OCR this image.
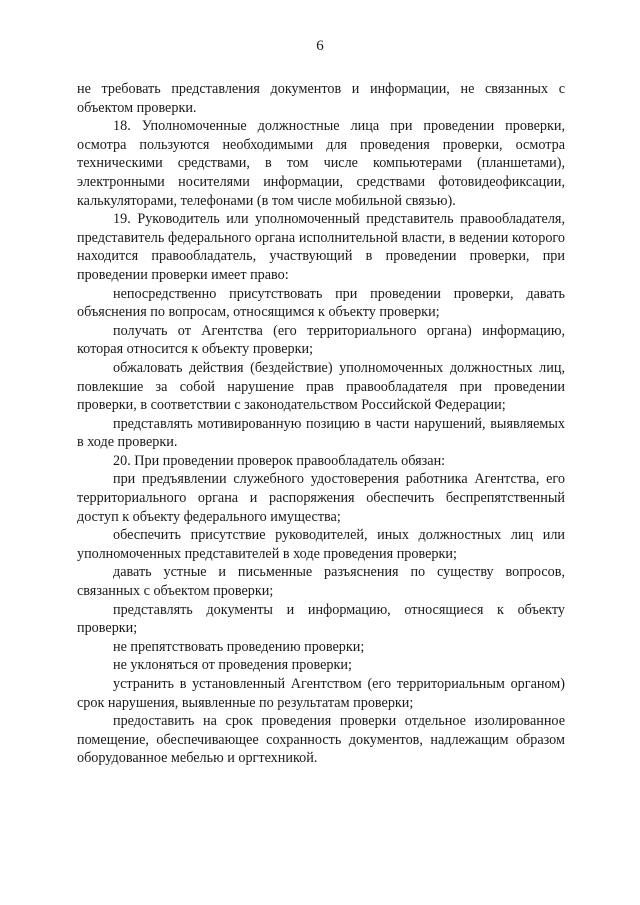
6

не требовать представления документов и информации, не связанных с объектом проверки.

18. Уполномоченные должностные лица при проведении проверки, осмотра пользуются необходимыми для проведения проверки, осмотра техническими средствами, в том числе компьютерами (планшетами), электронными носителями информации, средствами фотовидеофиксации, калькуляторами, телефонами (в том числе мобильной связью).

19. Руководитель или уполномоченный представитель правообладателя, представитель федерального органа исполнительной власти, в ведении которого находится правообладатель, участвующий в проведении проверки, при проведении проверки имеет право:

непосредственно присутствовать при проведении проверки, давать объяснения по вопросам, относящимся к объекту проверки;

получать от Агентства (его территориального органа) информацию, которая относится к объекту проверки;

обжаловать действия (бездействие) уполномоченных должностных лиц, повлекшие за собой нарушение прав правообладателя при проведении проверки, в соответствии с законодательством Российской Федерации;

представлять мотивированную позицию в части нарушений, выявляемых в ходе проверки.

20. При проведении проверок правообладатель обязан:

при предъявлении служебного удостоверения работника Агентства, его территориального органа и распоряжения обеспечить беспрепятственный доступ к объекту федерального имущества;

обеспечить присутствие руководителей, иных должностных лиц или уполномоченных представителей в ходе проведения проверки;

давать устные и письменные разъяснения по существу вопросов, связанных с объектом проверки;

представлять документы и информацию, относящиеся к объекту проверки;

не препятствовать проведению проверки;

не уклоняться от проведения проверки;

устранить в установленный Агентством (его территориальным органом) срок нарушения, выявленные по результатам проверки;

предоставить на срок проведения проверки отдельное изолированное помещение, обеспечивающее сохранность документов, надлежащим образом оборудованное мебелью и оргтехникой.
